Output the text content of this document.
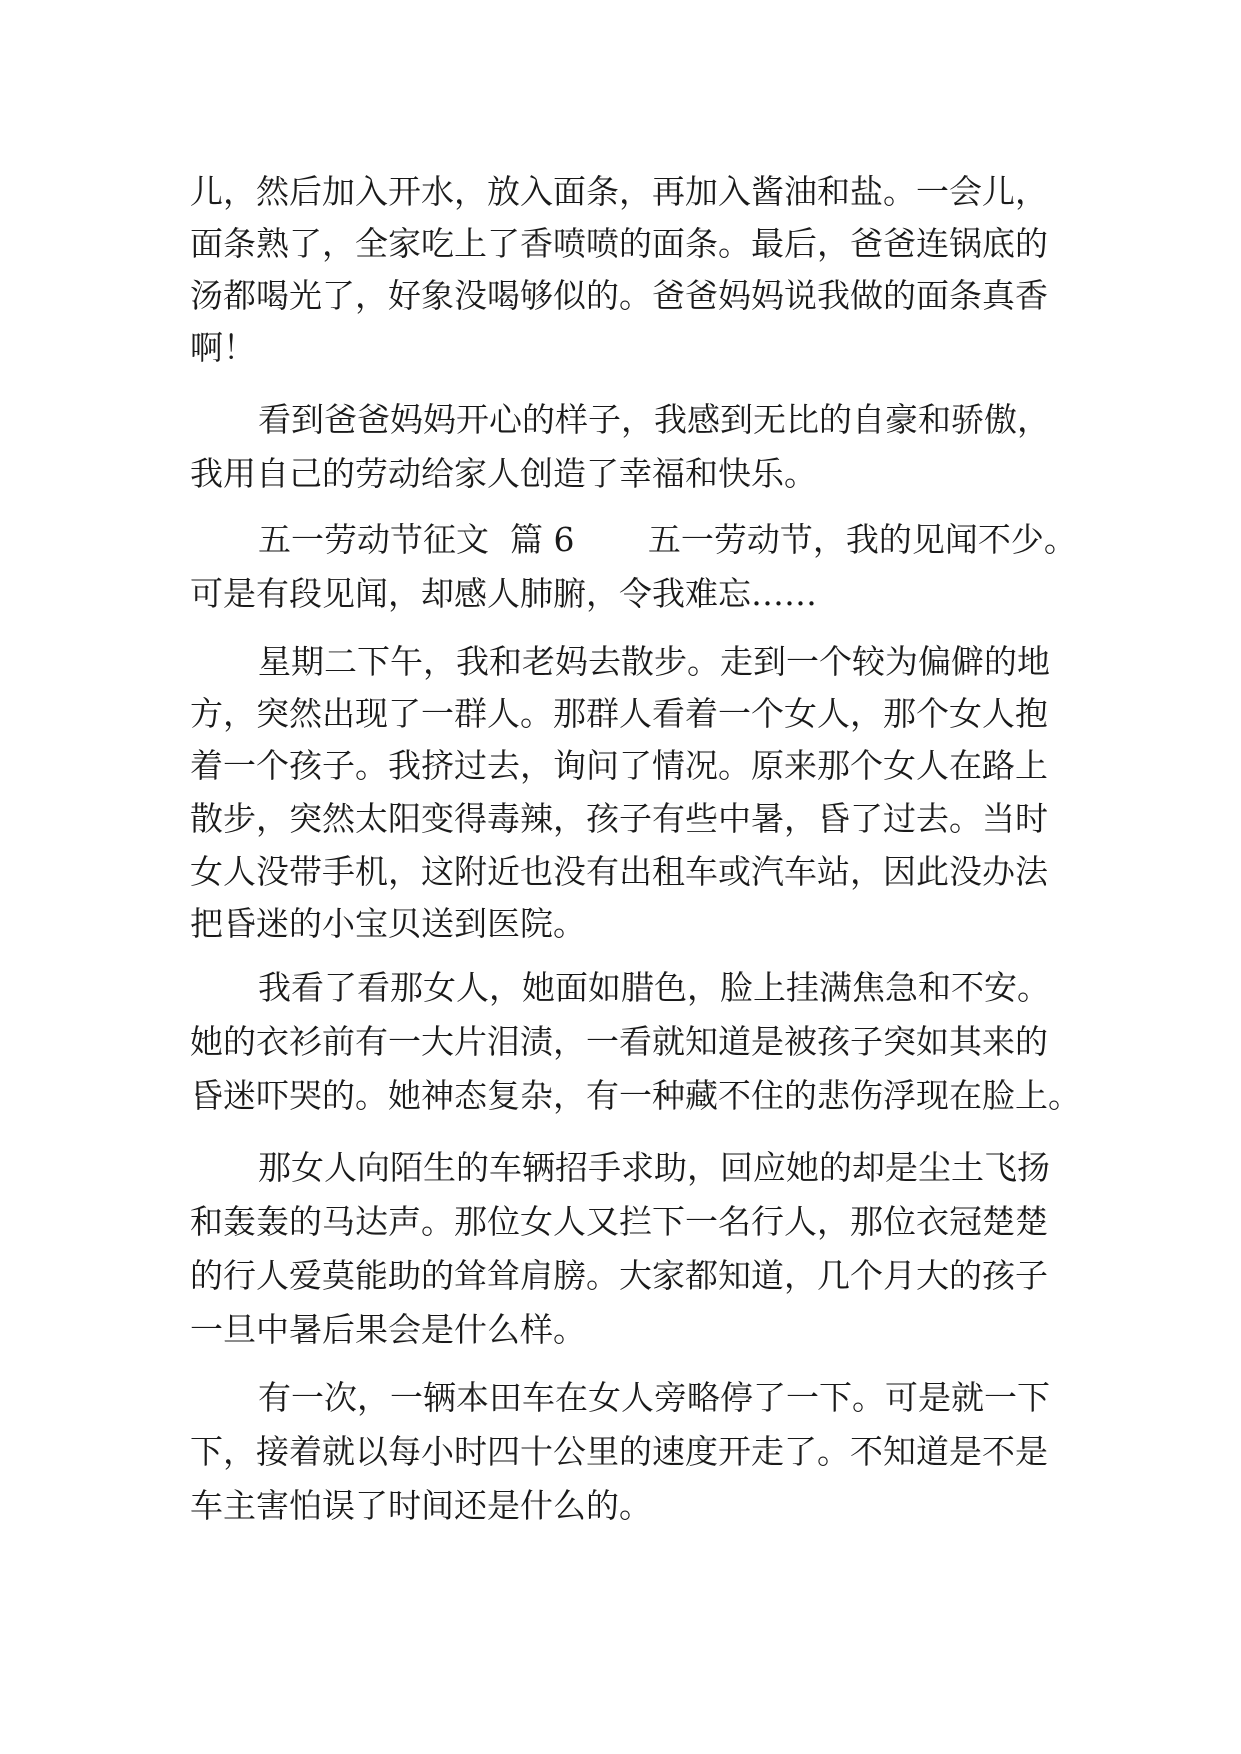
儿，然后加入开水，放入面条，再加入酱油和盐。一会儿，
面条熟了，全家吃上了香喷喷的面条。最后，爸爸连锅底的
汤都喝光了，好象没喝够似的。爸爸妈妈说我做的面条真香
啊！
看到爸爸妈妈开心的样子，我感到无比的自豪和骄傲，
我用自己的劳动给家人创造了幸福和快乐。
五一劳动节征文  篇 6       五一劳动节，我的见闻不少。
可是有段见闻，却感人肺腑，令我难忘……
星期二下午，我和老妈去散步。走到一个较为偏僻的地
方，突然出现了一群人。那群人看着一个女人，那个女人抱
着一个孩子。我挤过去，询问了情况。原来那个女人在路上
散步，突然太阳变得毒辣，孩子有些中暑，昏了过去。当时
女人没带手机，这附近也没有出租车或汽车站，因此没办法
把昏迷的小宝贝送到医院。
我看了看那女人，她面如腊色，脸上挂满焦急和不安。
她的衣衫前有一大片泪渍，一看就知道是被孩子突如其来的
昏迷吓哭的。她神态复杂，有一种藏不住的悲伤浮现在脸上。
那女人向陌生的车辆招手求助，回应她的却是尘土飞扬
和轰轰的马达声。那位女人又拦下一名行人，那位衣冠楚楚
的行人爱莫能助的耸耸肩膀。大家都知道，几个月大的孩子
一旦中暑后果会是什么样。
有一次，一辆本田车在女人旁略停了一下。可是就一下
下，接着就以每小时四十公里的速度开走了。不知道是不是
车主害怕误了时间还是什么的。
